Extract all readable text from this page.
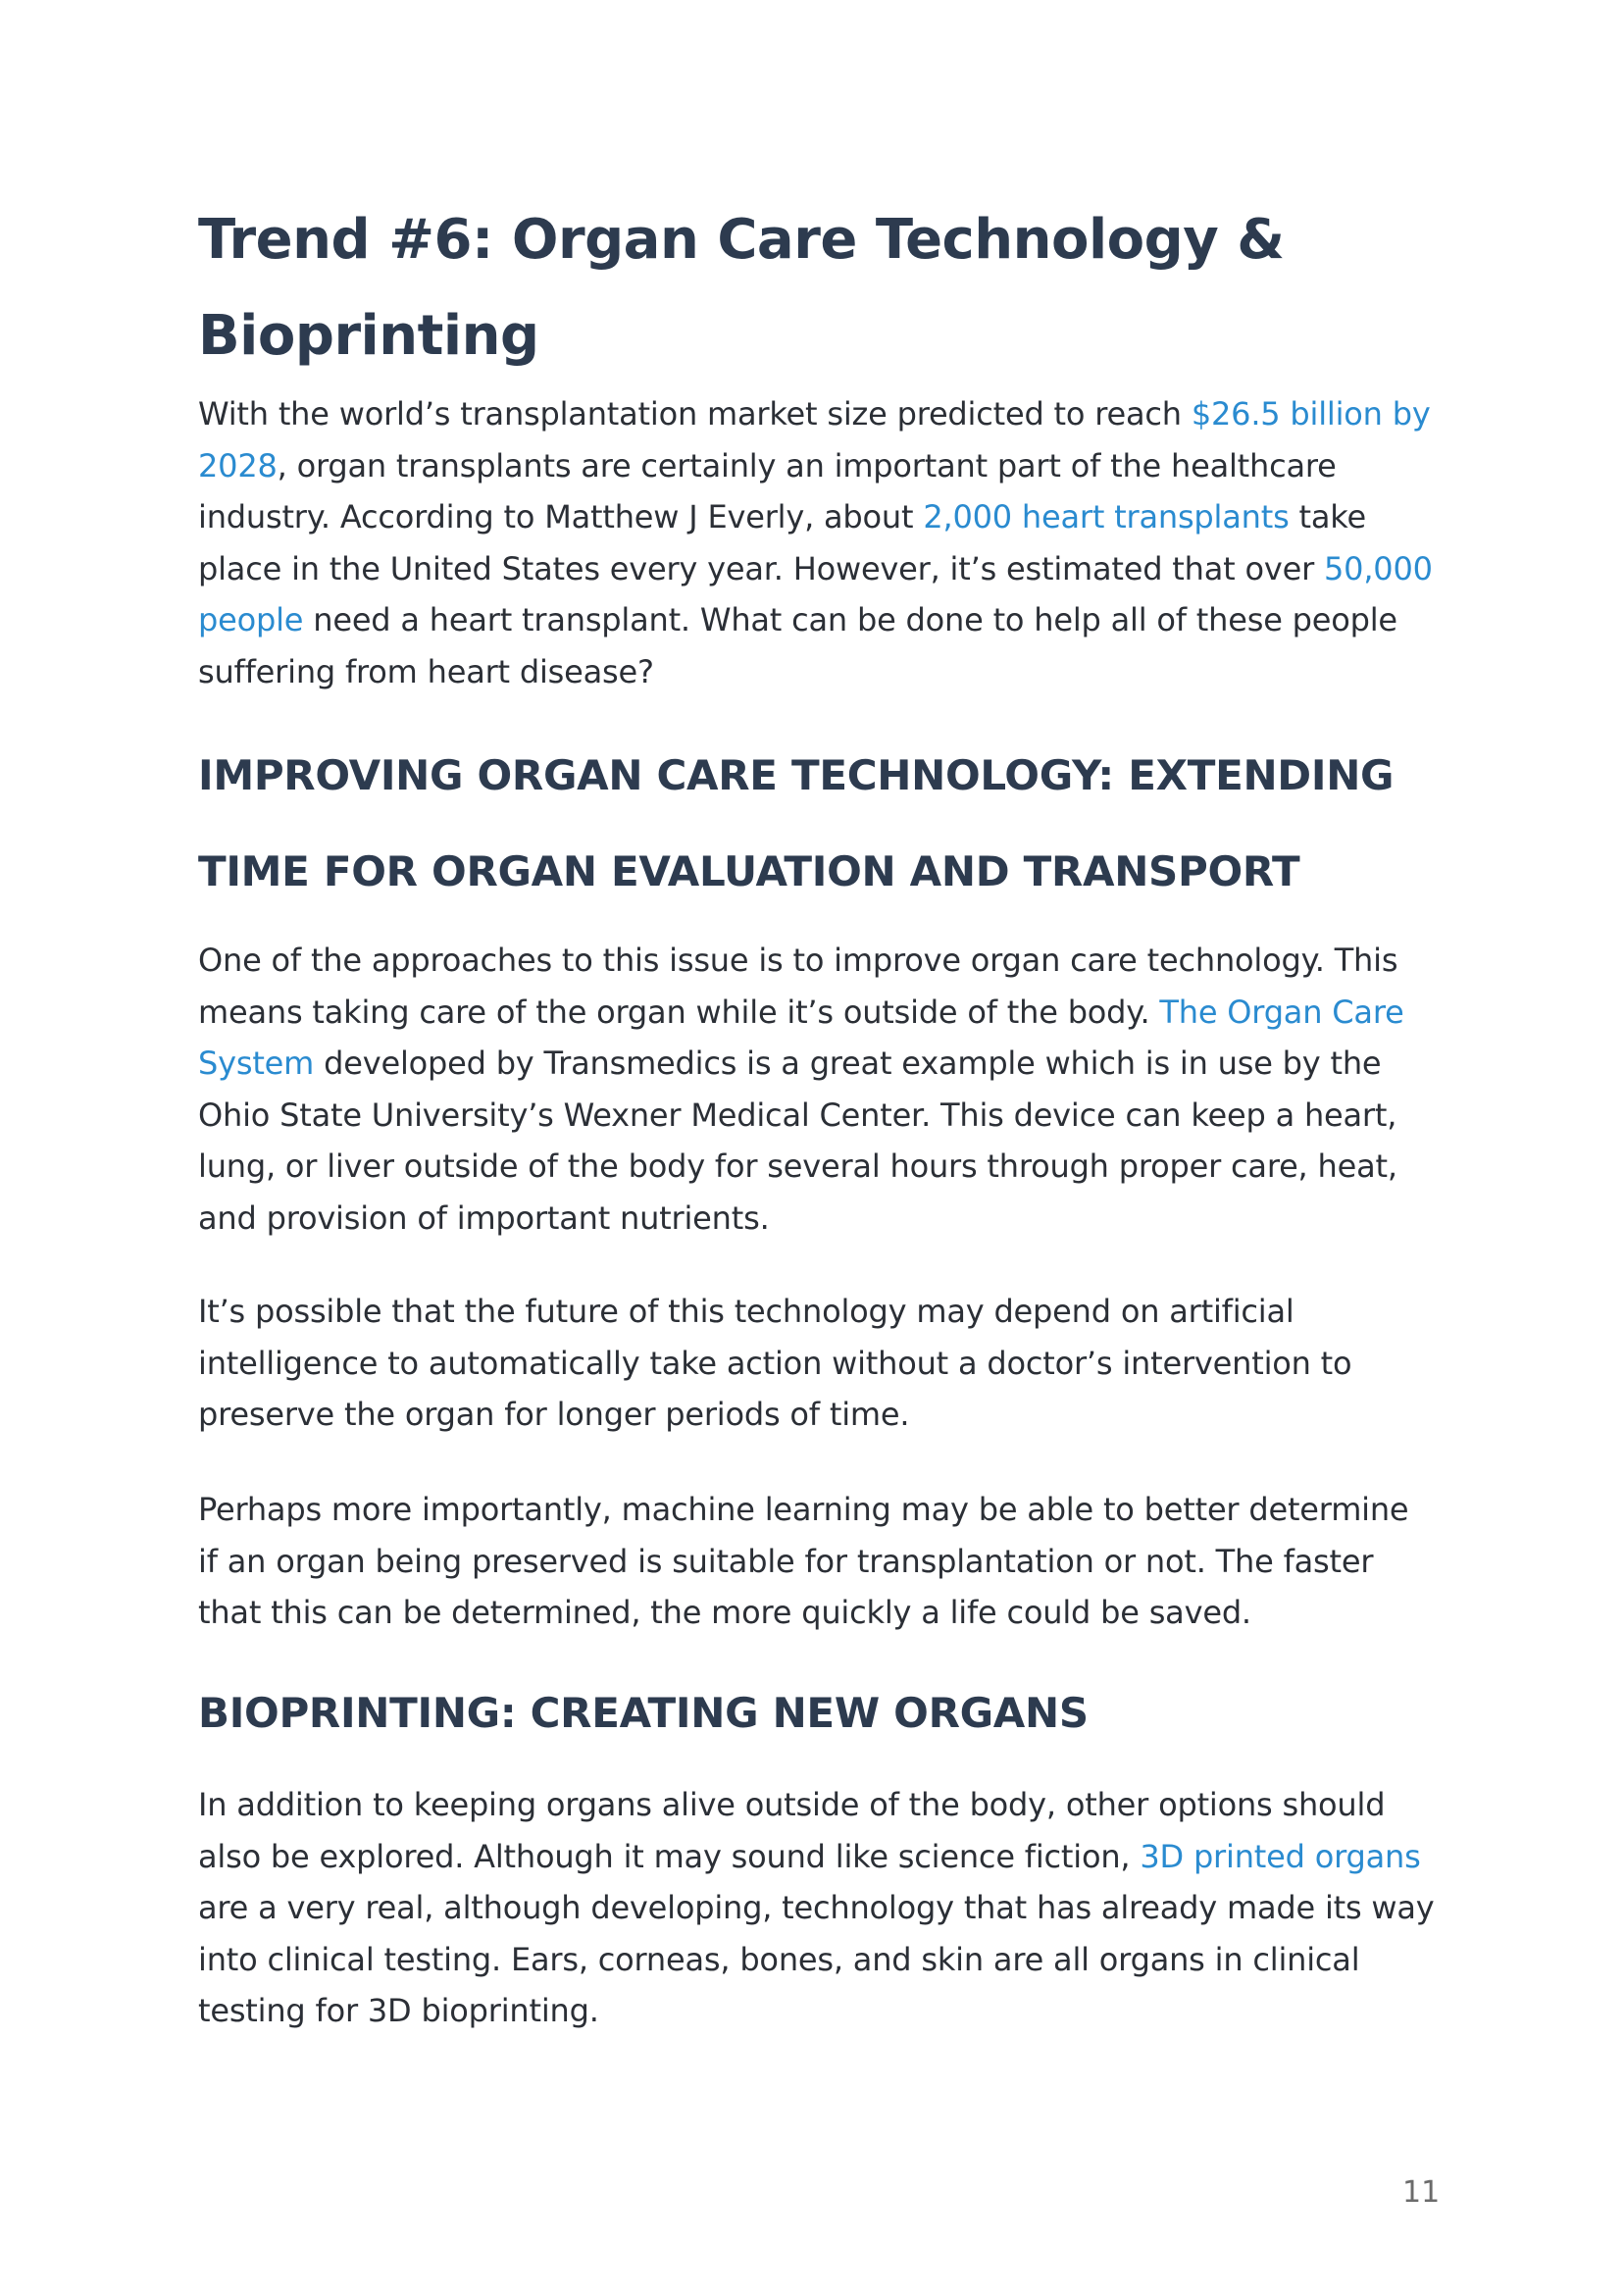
Trend #6: Organ Care Technology &
Bioprinting

With the world’s transplantation market size predicted to reach $26.5 billion by 2028, organ transplants are certainly an important part of the healthcare industry. According to Matthew J Everly, about 2,000 heart transplants take place in the United States every year. However, it’s estimated that over 50,000 people need a heart transplant. What can be done to help all of these people suffering from heart disease?

IMPROVING ORGAN CARE TECHNOLOGY: EXTENDING
TIME FOR ORGAN EVALUATION AND TRANSPORT

One of the approaches to this issue is to improve organ care technology. This means taking care of the organ while it’s outside of the body. The Organ Care System developed by Transmedics is a great example which is in use by the Ohio State University’s Wexner Medical Center. This device can keep a heart, lung, or liver outside of the body for several hours through proper care, heat, and provision of important nutrients.

It’s possible that the future of this technology may depend on artificial intelligence to automatically take action without a doctor’s intervention to preserve the organ for longer periods of time.

Perhaps more importantly, machine learning may be able to better determine if an organ being preserved is suitable for transplantation or not. The faster that this can be determined, the more quickly a life could be saved.

BIOPRINTING: CREATING NEW ORGANS

In addition to keeping organs alive outside of the body, other options should also be explored. Although it may sound like science fiction, 3D printed organs are a very real, although developing, technology that has already made its way into clinical testing. Ears, corneas, bones, and skin are all organs in clinical testing for 3D bioprinting.

11
